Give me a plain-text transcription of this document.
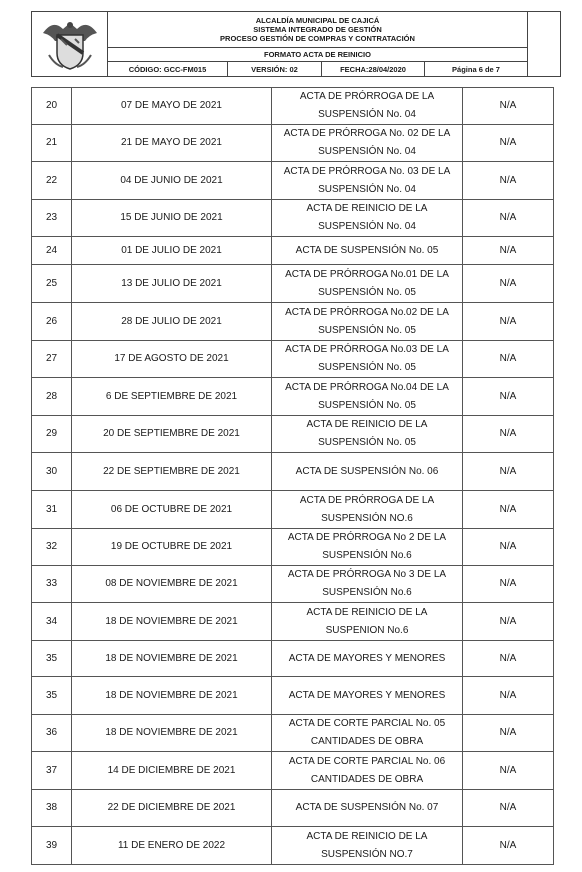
ALCALDÍA MUNICIPAL DE CAJICÁ
SISTEMA INTEGRADO DE GESTIÓN
PROCESO GESTIÓN DE COMPRAS Y CONTRATACIÓN
FORMATO ACTA DE REINICIO
CÓDIGO: GCC-FM015	VERSIÓN: 02	FECHA:28/04/2020	Página 6 de 7
20	07 DE MAYO DE 2021	ACTA DE PRÓRROGA DE LA SUSPENSIÓN No. 04	N/A
21	21 DE MAYO DE 2021	ACTA DE PRÓRROGA No. 02 DE LA SUSPENSIÓN No. 04	N/A
22	04 DE JUNIO DE 2021	ACTA DE PRÓRROGA No. 03 DE LA SUSPENSIÓN No. 04	N/A
23	15 DE JUNIO DE 2021	ACTA DE REINICIO DE LA SUSPENSIÓN No. 04	N/A
24	01 DE JULIO DE 2021	ACTA DE SUSPENSIÓN No. 05	N/A
25	13 DE JULIO DE 2021	ACTA DE PRÓRROGA No.01 DE LA SUSPENSIÓN No. 05	N/A
26	28 DE JULIO DE 2021	ACTA DE PRÓRROGA No.02 DE LA SUSPENSIÓN No. 05	N/A
27	17 DE AGOSTO DE 2021	ACTA DE PRÓRROGA No.03 DE LA SUSPENSIÓN No. 05	N/A
28	6 DE SEPTIEMBRE DE 2021	ACTA DE PRÓRROGA No.04 DE LA SUSPENSIÓN No. 05	N/A
29	20 DE SEPTIEMBRE DE 2021	ACTA DE REINICIO DE LA SUSPENSIÓN No. 05	N/A
30	22 DE SEPTIEMBRE DE 2021	ACTA DE SUSPENSIÓN No. 06	N/A
31	06 DE OCTUBRE DE 2021	ACTA DE PRÓRROGA DE LA SUSPENSIÓN NO.6	N/A
32	19 DE OCTUBRE DE 2021	ACTA DE PRÓRROGA No 2 DE LA SUSPENSIÓN No.6	N/A
33	08 DE NOVIEMBRE DE 2021	ACTA DE PRÓRROGA No 3 DE LA SUSPENSIÓN No.6	N/A
34	18 DE NOVIEMBRE DE 2021	ACTA DE REINICIO DE LA SUSPENION No.6	N/A
35	18 DE NOVIEMBRE DE 2021	ACTA DE MAYORES Y MENORES	N/A
35	18 DE NOVIEMBRE DE 2021	ACTA DE MAYORES Y MENORES	N/A
36	18 DE NOVIEMBRE DE 2021	ACTA DE CORTE PARCIAL No. 05 CANTIDADES DE OBRA	N/A
37	14 DE DICIEMBRE DE 2021	ACTA DE CORTE PARCIAL No. 06 CANTIDADES DE OBRA	N/A
38	22 DE DICIEMBRE DE 2021	ACTA DE SUSPENSIÓN No. 07	N/A
39	11 DE ENERO DE 2022	ACTA DE REINICIO DE LA SUSPENSIÓN NO.7	N/A
